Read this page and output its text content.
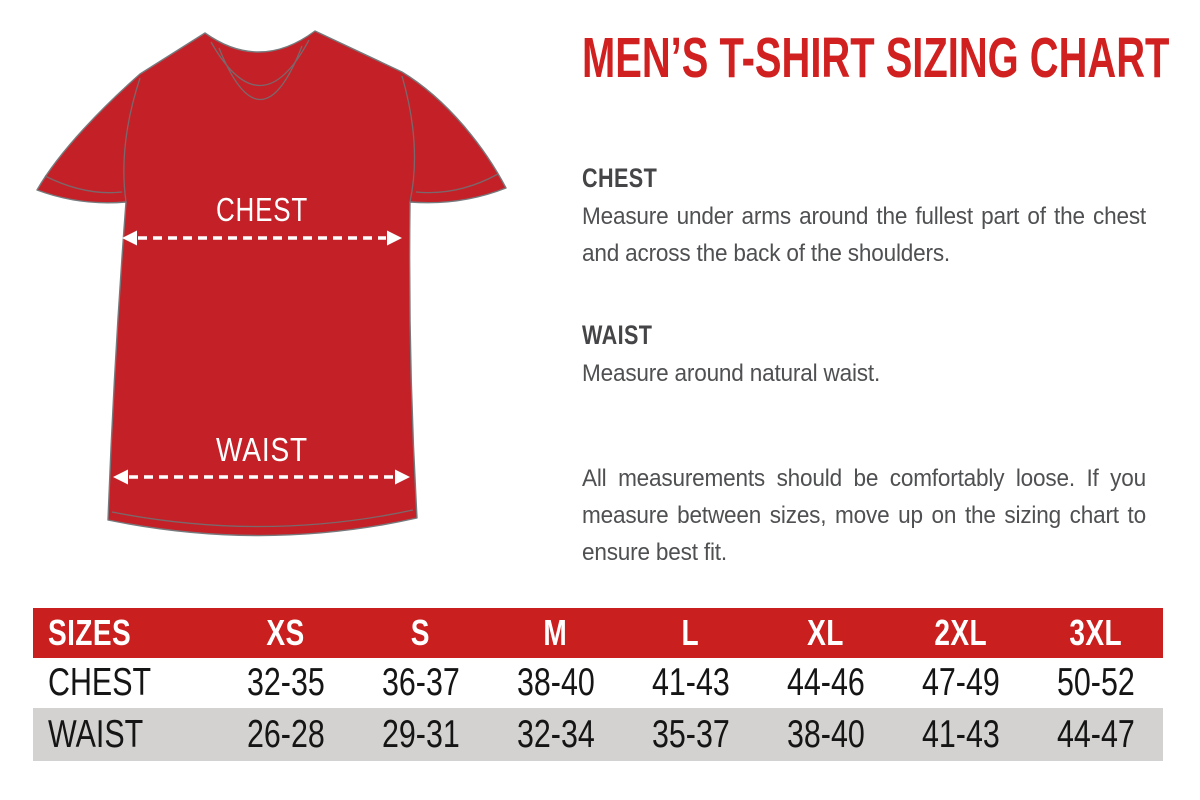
CHEST
WAIST
MEN’S T-SHIRT SIZING CHART

CHEST

Measure under arms around the fullest part of the chest and across the back of the shoulders.

WAIST

Measure around natural waist.

All measurements should be comfortably loose. If you measure between sizes, move up on the sizing chart to ensure best fit.

SIZES	XS	S	M	L	XL	2XL 3XL
CHEST 32-35 36-37 38-40 41-43 44-46 47-49 50-52
WAIST	26-28 29-31 32-34 35-37 38-40 41-43 44-47
